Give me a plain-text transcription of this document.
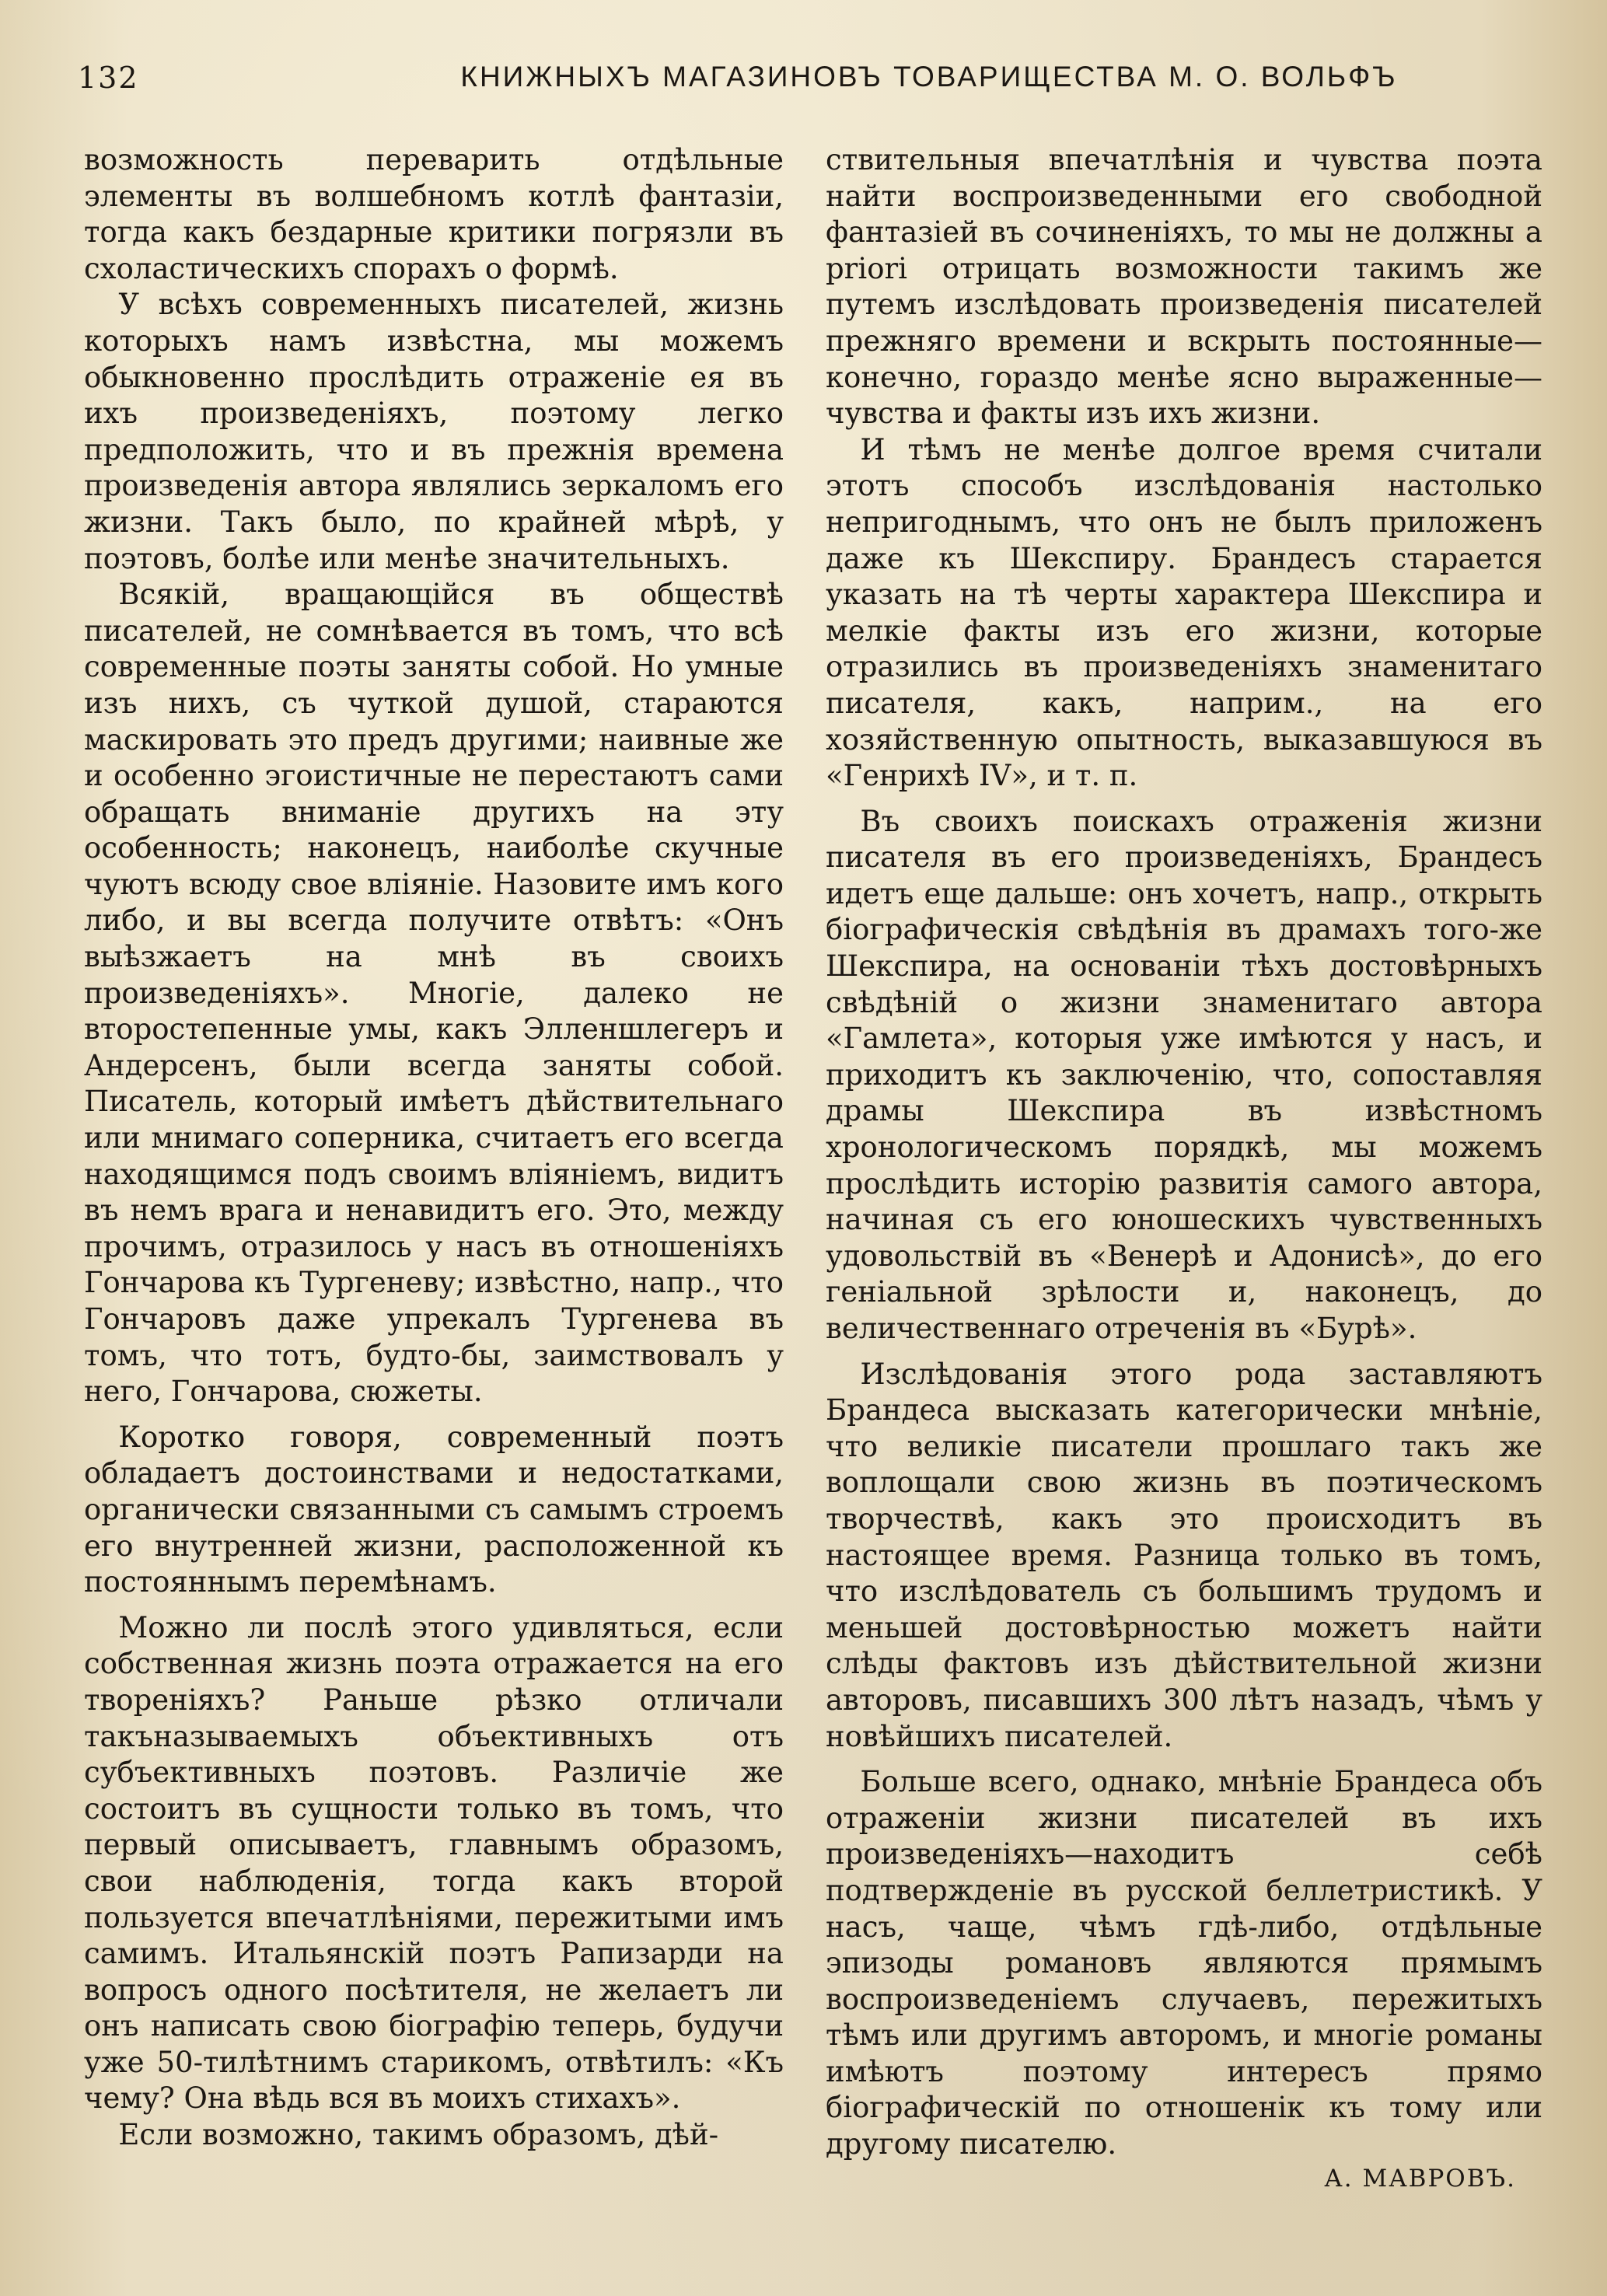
132	КНИЖНЫХЪ МАГАЗИНОВЪ ТОВАРИЩЕСТВА М. О. ВОЛЬФЪ

возможность переварить отдѣльные элементы въ волшебномъ котлѣ фантазіи, тогда какъ бездарные критики погрязли въ схоластическихъ спорахъ о формѣ.

У всѣхъ современныхъ писателей, жизнь которыхъ намъ извѣстна, мы можемъ обыкновенно прослѣдить отраженіе ея въ ихъ произведеніяхъ, поэтому легко предположить, что и въ прежнія времена произведенія автора являлись зеркаломъ его жизни. Такъ было, по крайней мѣрѣ, у поэтовъ, болѣе или менѣе значительныхъ.

Всякій, вращающійся въ обществѣ писателей, не сомнѣвается въ томъ, что всѣ современные поэты заняты собой. Но умные изъ нихъ, съ чуткой душой, стараются маскировать это предъ другими; наивные же и особенно эгоистичные не перестаютъ сами обращать вниманіе другихъ на эту особенность; наконецъ, наиболѣе скучные чуютъ всюду свое вліяніе. Назовите имъ кого либо, и вы всегда получите отвѣтъ: «Онъ выѣзжаетъ на мнѣ въ своихъ произведеніяхъ». Многіе, далеко не второстепенные умы, какъ Элленшлегеръ и Андерсенъ, были всегда заняты собой. Писатель, который имѣетъ дѣйствительнаго или мнимаго соперника, считаетъ его всегда находящимся подъ своимъ вліяніемъ, видитъ въ немъ врага и ненавидитъ его. Это, между прочимъ, отразилось у насъ въ отношеніяхъ Гончарова къ Тургеневу; извѣстно, напр., что Гончаровъ даже упрекалъ Тургенева въ томъ, что тотъ, будто-бы, заимствовалъ у него, Гончарова, сюжеты.

Коротко говоря, современный поэтъ обладаетъ достоинствами и недостатками, органически связанными съ самымъ строемъ его внутренней жизни, расположенной къ постояннымъ перемѣнамъ.

Можно ли послѣ этого удивляться, если собственная жизнь поэта отражается на его твореніяхъ? Раньше рѣзко отличали такъназываемыхъ объективныхъ отъ субъективныхъ поэтовъ. Различіе же состоитъ въ сущности только въ томъ, что первый описываетъ, главнымъ образомъ, свои наблюденія, тогда какъ второй пользуется впечатлѣніями, пережитыми имъ самимъ. Итальянскій поэтъ Рапизарди на вопросъ одного посѣтителя, не желаетъ ли онъ написать свою біографію теперь, будучи уже 50-тилѣтнимъ старикомъ, отвѣтилъ: «Къ чему? Она вѣдь вся въ моихъ стихахъ».

Если возможно, такимъ образомъ, дѣй-

ствительныя впечатлѣнія и чувства поэта найти воспроизведенными его свободной фантазіей въ сочиненіяхъ, то мы не должны a priori отрицать возможности такимъ же путемъ изслѣдовать произведенія писателей прежняго времени и вскрыть постоянные— конечно, гораздо менѣе ясно выраженные— чувства и факты изъ ихъ жизни.

И тѣмъ не менѣе долгое время считали этотъ способъ изслѣдованія настолько непригоднымъ, что онъ не былъ приложенъ даже къ Шекспиру. Брандесъ старается указать на тѣ черты характера Шекспира и мелкіе факты изъ его жизни, которые отразились въ произведеніяхъ знаменитаго писателя, какъ, наприм., на его хозяйственную опытность, выказавшуюся въ «Генрихѣ IV», и т. п.

Въ своихъ поискахъ отраженія жизни писателя въ его произведеніяхъ, Брандесъ идетъ еще дальше: онъ хочетъ, напр., открыть біографическія свѣдѣнія въ драмахъ того-же Шекспира, на основаніи тѣхъ достовѣрныхъ свѣдѣній о жизни знаменитаго автора «Гамлета», которыя уже имѣются у насъ, и приходитъ къ заключенію, что, сопоставляя драмы Шекспира въ извѣстномъ хронологическомъ порядкѣ, мы можемъ прослѣдить исторію развитія самого автора, начиная съ его юношескихъ чувственныхъ удовольствій въ «Венерѣ и Адонисѣ», до его геніальной зрѣлости и, наконецъ, до величественнаго отреченія въ «Бурѣ».

Изслѣдованія этого рода заставляютъ Брандеса высказать категорически мнѣніе, что великіе писатели прошлаго такъ же воплощали свою жизнь въ поэтическомъ творчествѣ, какъ это происходитъ въ настоящее время. Разница только въ томъ, что изслѣдователь съ большимъ трудомъ и меньшей достовѣрностью можетъ найти слѣды фактовъ изъ дѣйствительной жизни авторовъ, писавшихъ 300 лѣтъ назадъ, чѣмъ у новѣйшихъ писателей.

Больше всего, однако, мнѣніе Брандеса объ отраженіи жизни писателей въ ихъ произведеніяхъ—находитъ себѣ подтвержденіе въ русской беллетристикѣ. У насъ, чаще, чѣмъ гдѣ-либо, отдѣльные эпизоды романовъ являются прямымъ воспроизведеніемъ случаевъ, пережитыхъ тѣмъ или другимъ авторомъ, и многіе романы имѣютъ поэтому интересъ прямо біографическій по отношенік къ тому или другому писателю.

А. МАВРОВЪ.
